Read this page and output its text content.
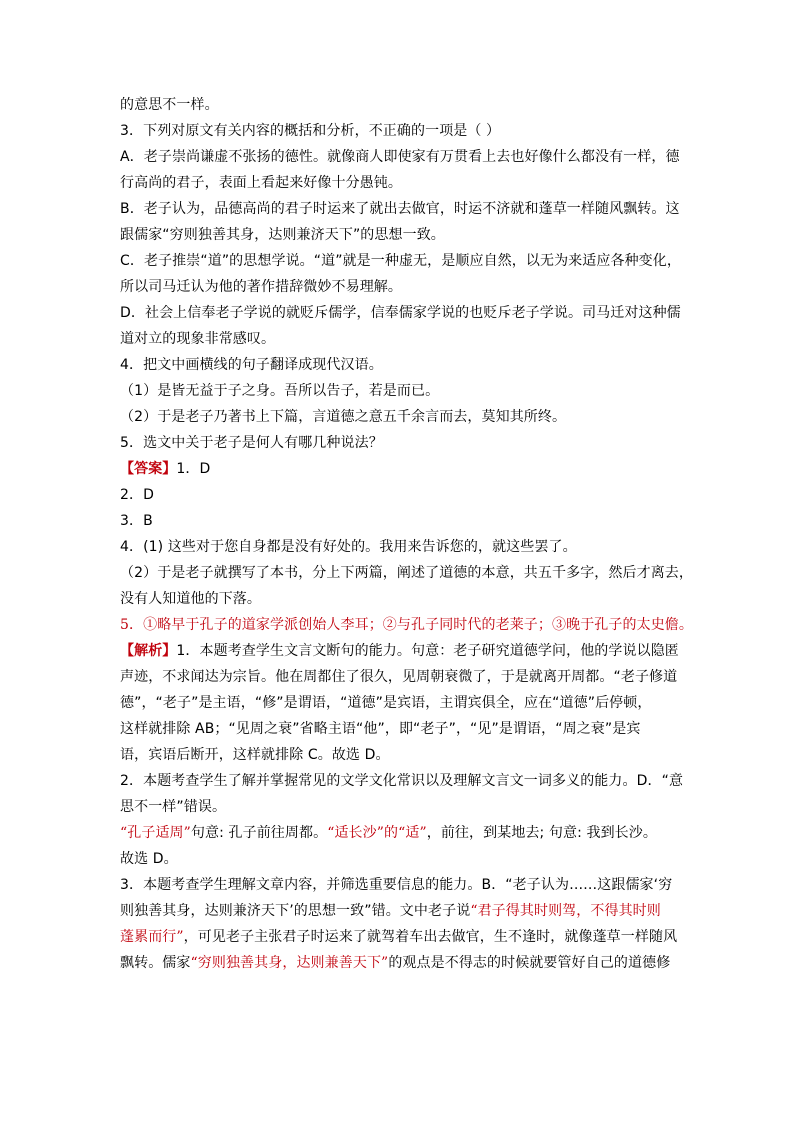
的意思不一样。
3．下列对原文有关内容的概括和分析，不正确的一项是（ ）
A．老子崇尚谦虚不张扬的德性。就像商人即使家有万贯看上去也好像什么都没有一样，德
行高尚的君子，表面上看起来好像十分愚钝。
B．老子认为，品德高尚的君子时运来了就出去做官，时运不济就和蓬草一样随风飘转。这
跟儒家“穷则独善其身，达则兼济天下”的思想一致。
C．老子推崇“道”的思想学说。“道”就是一种虚无，是顺应自然，以无为来适应各种变化，
所以司马迁认为他的著作措辞微妙不易理解。
D．社会上信奉老子学说的就贬斥儒学，信奉儒家学说的也贬斥老子学说。司马迁对这种儒
道对立的现象非常感叹。
4．把文中画横线的句子翻译成现代汉语。
（1）是皆无益于子之身。吾所以告子，若是而已。
（2）于是老子乃著书上下篇，言道德之意五千余言而去，莫知其所终。
5．选文中关于老子是何人有哪几种说法？
【答案】1．D
2．D
3．B
4．(1) 这些对于您自身都是没有好处的。我用来告诉您的，就这些罢了。
（2）于是老子就撰写了本书，分上下两篇，阐述了道德的本意，共五千多字，然后才离去，
没有人知道他的下落。
5．①略早于孔子的道家学派创始人李耳；②与孔子同时代的老莱子；③晚于孔子的太史儋。
【解析】1．本题考查学生文言文断句的能力。句意：老子研究道德学问，他的学说以隐匿
声迹，不求闻达为宗旨。他在周都住了很久，见周朝衰微了，于是就离开周都。“老子修道
德”，“老子”是主语，“修”是谓语，“道德”是宾语，主谓宾俱全，应在“道德”后停顿，
这样就排除 AB；“见周之衰”省略主语“他”，即“老子”，“见”是谓语，“周之衰”是宾
语，宾语后断开，这样就排除 C。故选 D。
2．本题考查学生了解并掌握常见的文学文化常识以及理解文言文一词多义的能力。D．“意
思不一样”错误。
“孔子适周”句意: 孔子前往周都。“适长沙”的“适”，前往，到某地去; 句意: 我到长沙。
故选 D。
3．本题考查学生理解文章内容，并筛选重要信息的能力。B．“老子认为……这跟儒家‘穷
则独善其身，达则兼济天下’的思想一致”错。文中老子说“君子得其时则驾，不得其时则
蓬累而行”，可见老子主张君子时运来了就驾着车出去做官，生不逢时，就像蓬草一样随风
飘转。儒家“穷则独善其身，达则兼善天下”的观点是不得志的时候就要管好自己的道德修
